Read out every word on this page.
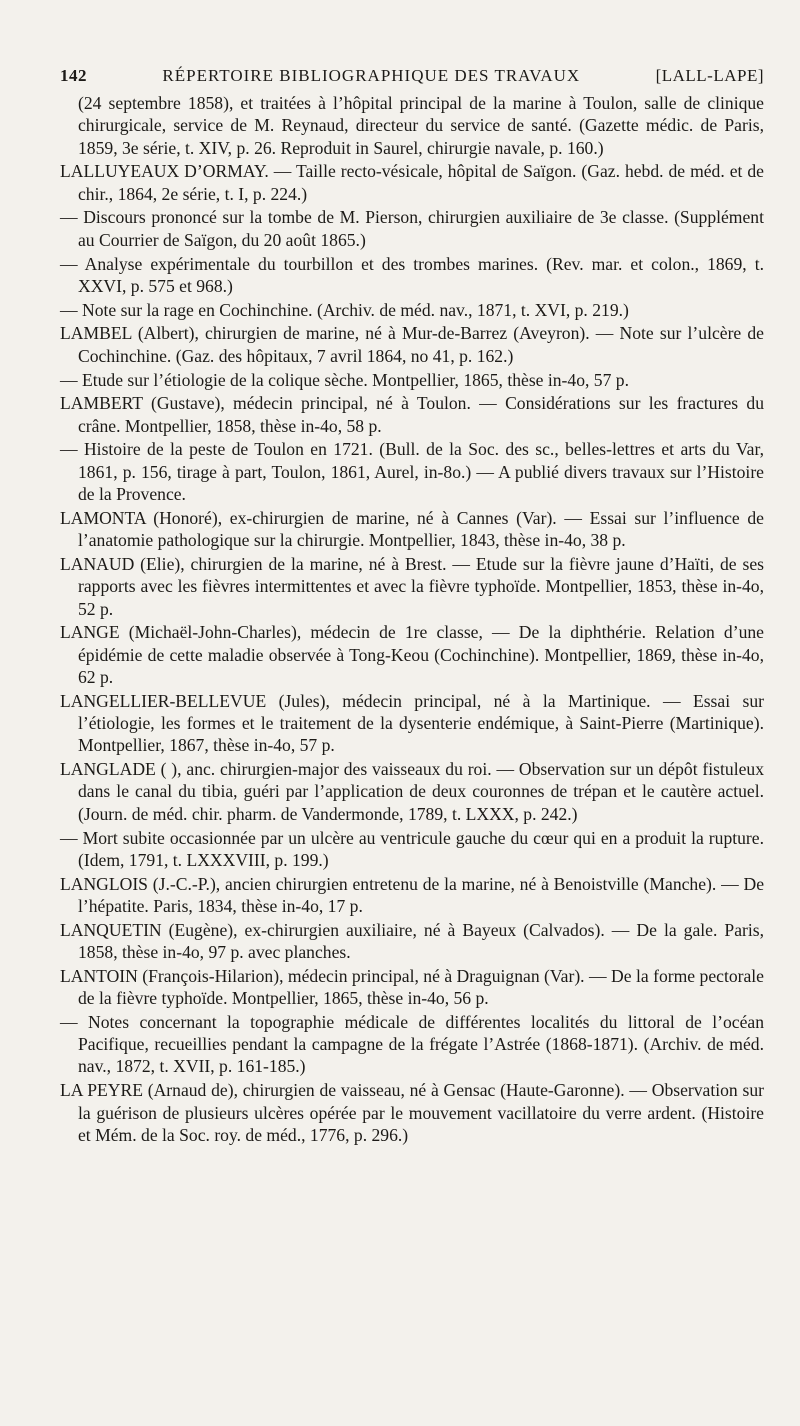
142	RÉPERTOIRE BIBLIOGRAPHIQUE DES TRAVAUX	[LALL-LAPE]

(24 septembre 1858), et traitées à l’hôpital principal de la marine à Toulon, salle de clinique chirurgicale, service de M. Reynaud, directeur du service de santé. (Gazette médic. de Paris, 1859, 3e série, t. XIV, p. 26. Reproduit in Saurel, chirurgie navale, p. 160.)

LALLUYEAUX D’ORMAY. — Taille recto-vésicale, hôpital de Saïgon. (Gaz. hebd. de méd. et de chir., 1864, 2e série, t. I, p. 224.)

— Discours prononcé sur la tombe de M. Pierson, chirurgien auxiliaire de 3e classe. (Supplément au Courrier de Saïgon, du 20 août 1865.)

— Analyse expérimentale du tourbillon et des trombes marines. (Rev. mar. et colon., 1869, t. XXVI, p. 575 et 968.)

— Note sur la rage en Cochinchine. (Archiv. de méd. nav., 1871, t. XVI, p. 219.)

LAMBEL (Albert), chirurgien de marine, né à Mur-de-Barrez (Aveyron). — Note sur l’ulcère de Cochinchine. (Gaz. des hôpitaux, 7 avril 1864, no 41, p. 162.)

— Etude sur l’étiologie de la colique sèche. Montpellier, 1865, thèse in-4o, 57 p.

LAMBERT (Gustave), médecin principal, né à Toulon. — Considérations sur les fractures du crâne. Montpellier, 1858, thèse in-4o, 58 p.

— Histoire de la peste de Toulon en 1721. (Bull. de la Soc. des sc., belles-lettres et arts du Var, 1861, p. 156, tirage à part, Toulon, 1861, Aurel, in-8o.) — A publié divers travaux sur l’Histoire de la Provence.

LAMONTA (Honoré), ex-chirurgien de marine, né à Cannes (Var). — Essai sur l’influence de l’anatomie pathologique sur la chirurgie. Montpellier, 1843, thèse in-4o, 38 p.

LANAUD (Elie), chirurgien de la marine, né à Brest. — Etude sur la fièvre jaune d’Haïti, de ses rapports avec les fièvres intermittentes et avec la fièvre typhoïde. Montpellier, 1853, thèse in-4o, 52 p.

LANGE (Michaël-John-Charles), médecin de 1re classe, — De la diphthérie. Relation d’une épidémie de cette maladie observée à Tong-Keou (Cochinchine). Montpellier, 1869, thèse in-4o, 62 p.

LANGELLIER-BELLEVUE (Jules), médecin principal, né à la Martinique. — Essai sur l’étiologie, les formes et le traitement de la dysenterie endémique, à Saint-Pierre (Martinique). Montpellier, 1867, thèse in-4o, 57 p.

LANGLADE ( ), anc. chirurgien-major des vaisseaux du roi. — Observation sur un dépôt fistuleux dans le canal du tibia, guéri par l’application de deux couronnes de trépan et le cautère actuel. (Journ. de méd. chir. pharm. de Vandermonde, 1789, t. LXXX, p. 242.)

— Mort subite occasionnée par un ulcère au ventricule gauche du cœur qui en a produit la rupture. (Idem, 1791, t. LXXXVIII, p. 199.)

LANGLOIS (J.-C.-P.), ancien chirurgien entretenu de la marine, né à Benoistville (Manche). — De l’hépatite. Paris, 1834, thèse in-4o, 17 p.

LANQUETIN (Eugène), ex-chirurgien auxiliaire, né à Bayeux (Calvados). — De la gale. Paris, 1858, thèse in-4o, 97 p. avec planches.

LANTOIN (François-Hilarion), médecin principal, né à Draguignan (Var). — De la forme pectorale de la fièvre typhoïde. Montpellier, 1865, thèse in-4o, 56 p.

— Notes concernant la topographie médicale de différentes localités du littoral de l’océan Pacifique, recueillies pendant la campagne de la frégate l’Astrée (1868-1871). (Archiv. de méd. nav., 1872, t. XVII, p. 161-185.)

LA PEYRE (Arnaud de), chirurgien de vaisseau, né à Gensac (Haute-Garonne). — Observation sur la guérison de plusieurs ulcères opérée par le mouvement vacillatoire du verre ardent. (Histoire et Mém. de la Soc. roy. de méd., 1776, p. 296.)
